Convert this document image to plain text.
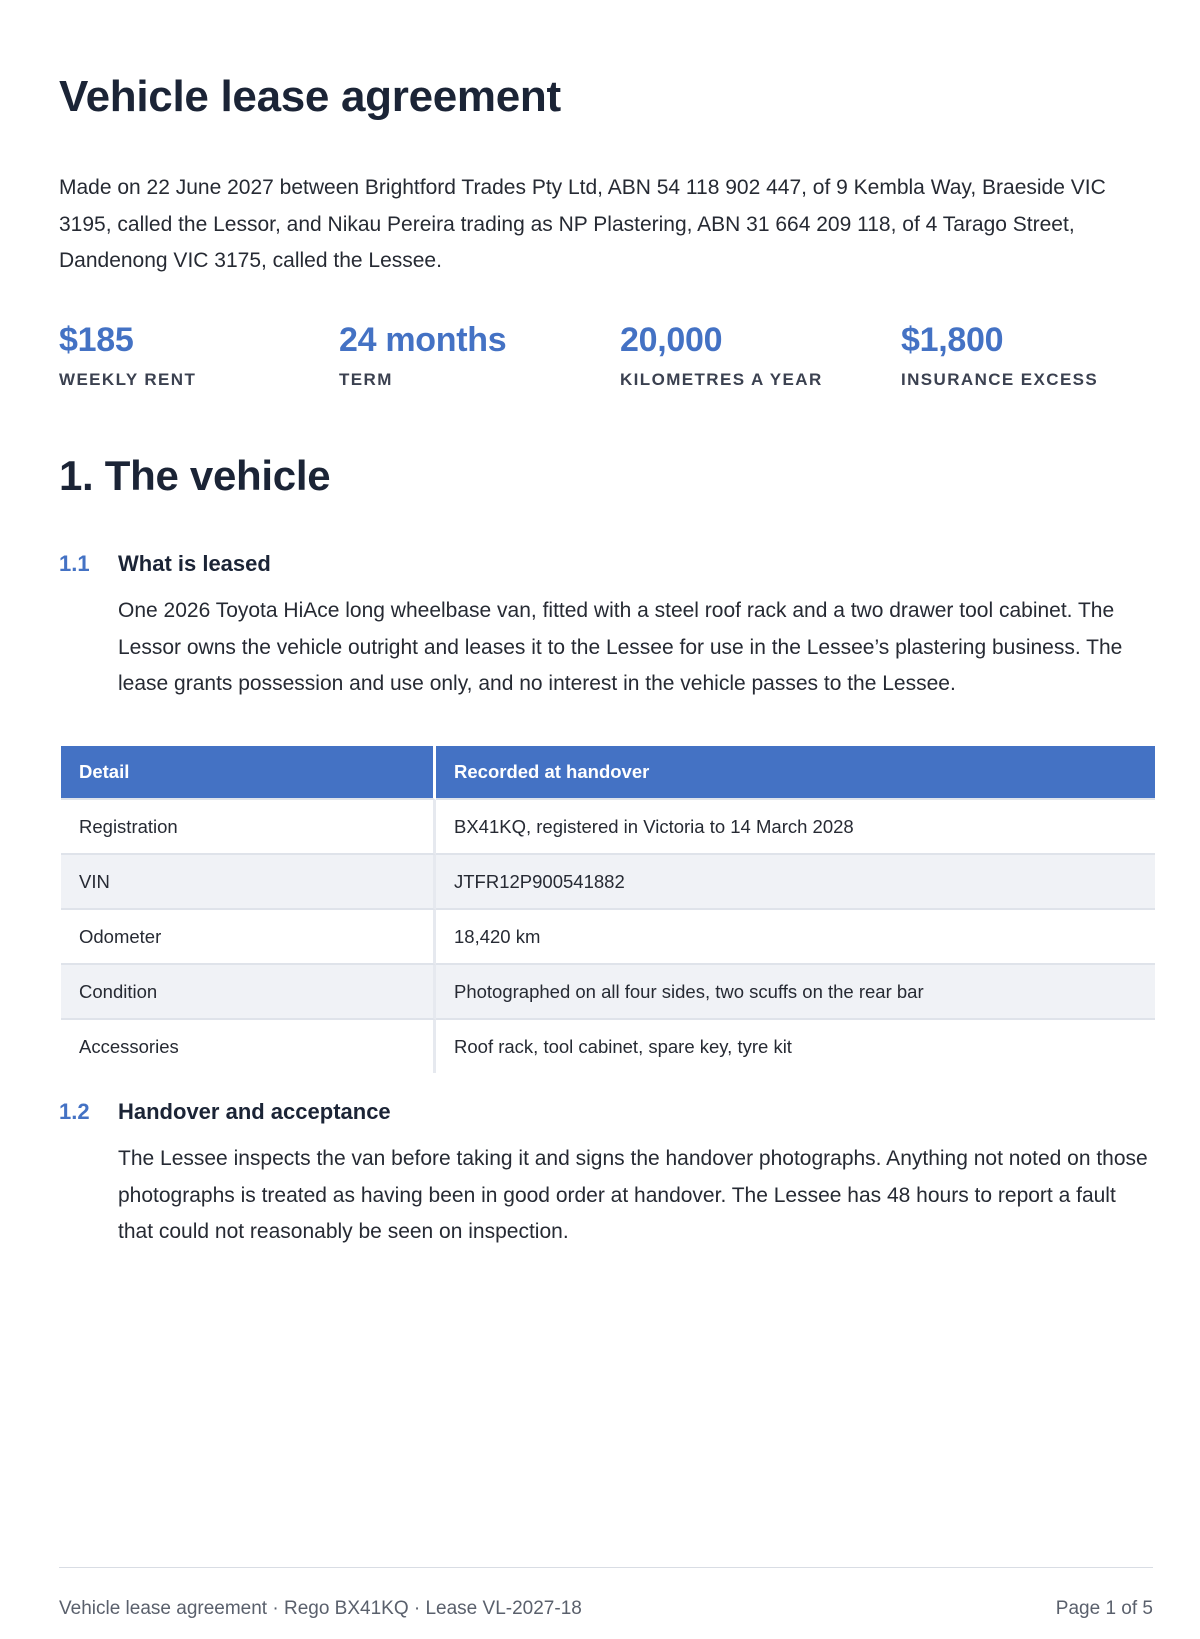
Vehicle lease agreement

Made on 22 June 2027 between Brightford Trades Pty Ltd, ABN 54 118 902 447, of 9 Kembla Way, Braeside VIC 3195, called the Lessor, and Nikau Pereira trading as NP Plastering, ABN 31 664 209 118, of 4 Tarago Street, Dandenong VIC 3175, called the Lessee.

$185
WEEKLY RENT
24 months
TERM
20,000
KILOMETRES A YEAR
$1,800
INSURANCE EXCESS
1. The vehicle
1.1 What is leased

One 2026 Toyota HiAce long wheelbase van, fitted with a steel roof rack and a two drawer tool cabinet. The Lessor owns the vehicle outright and leases it to the Lessee for use in the Lessee’s plastering business. The lease grants possession and use only, and no interest in the vehicle passes to the Lessee.

Detail	Recorded at handover
Registration	BX41KQ, registered in Victoria to 14 March 2028
VIN	JTFR12P900541882
Odometer	18,420 km
Condition	Photographed on all four sides, two scuffs on the rear bar
Accessories	Roof rack, tool cabinet, spare key, tyre kit
1.2 Handover and acceptance

The Lessee inspects the van before taking it and signs the handover photographs. Anything not noted on those photographs is treated as having been in good order at handover. The Lessee has 48 hours to report a fault that could not reasonably be seen on inspection.

Vehicle lease agreement · Rego BX41KQ · Lease VL-2027-18	Page 1 of 5
